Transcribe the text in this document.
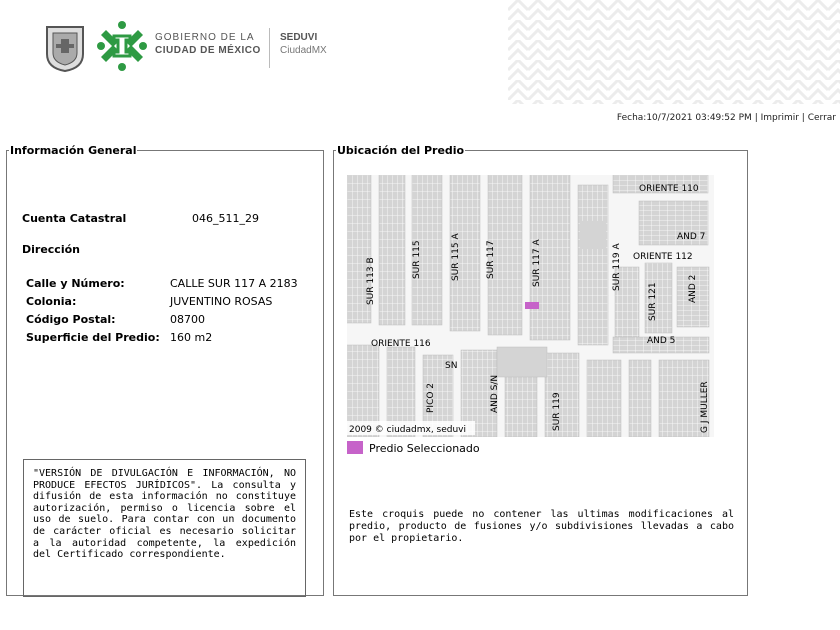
GOBIERNO DE LA
CIUDAD DE MÉXICO
SEDUVI
CiudadMX
Fecha:10/7/2021 03:49:52 PM | Imprimir | Cerrar
Información General
Cuenta Catastral	046_511_29
Dirección
Calle y Número:	CALLE SUR 117 A 2183
Colonia:	JUVENTINO ROSAS
Código Postal:	08700
Superficie del Predio: 160 m2
"VERSIÓN DE DIVULGACIÓN E INFORMACIÓN, NO PRODUCE EFECTOS JURÍDICOS". La consulta y difusión de esta información no constituye autorización, permiso o licencia sobre el uso de suelo. Para contar con un documento de carácter oficial es necesario solicitar a la autoridad competente, la expedición del Certificado correspondiente.
Ubicación del Predio
ORIENTE 110
AND 7
ORIENTE 112
AND 5
ORIENTE 116
SN
SUR 113 B	SUR 115	SUR 115 A	SUR 117	SUR 117 A	SUR 119 A
SUR 121	AND 2
PICO 2	AND S/N	SUR 119	G J MULLER
2009 © ciudadmx, seduvi
Predio Seleccionado
Este croquis puede no contener las ultimas modificaciones al predio, producto de fusiones y/o subdivisiones llevadas a cabo por el propietario.
